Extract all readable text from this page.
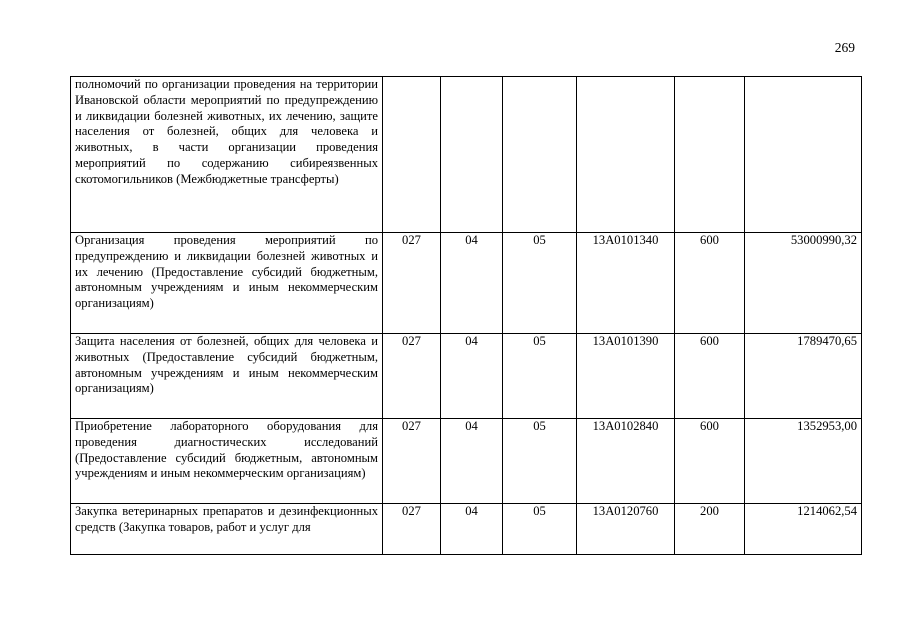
269
полномочий по организации проведения на территории Ивановской области мероприятий по предупреждению и ликвидации болезней животных, их лечению, защите населения от болезней, общих для человека и животных, в части организации проведения мероприятий по содержанию сибиреязвенных скотомогильников (Межбюджетные трансферты)						
Организация проведения мероприятий по предупреждению и ликвидации болезней животных и их лечению (Предоставление субсидий бюджетным, автономным учреждениям и иным некоммерческим организациям)	027	04	05	13А0101340	600	53000990,32
Защита населения от болезней, общих для человека и животных (Предоставление субсидий бюджетным, автономным учреждениям и иным некоммерческим организациям)	027	04	05	13А0101390	600	1789470,65
Приобретение лабораторного оборудования для проведения диагностических исследований (Предоставление субсидий бюджетным, автономным учреждениям и иным некоммерческим организациям)	027	04	05	13А0102840	600	1352953,00
Закупка ветеринарных препаратов и дезинфекционных средств (Закупка товаров, работ и услуг для	027	04	05	13А0120760	200	1214062,54
